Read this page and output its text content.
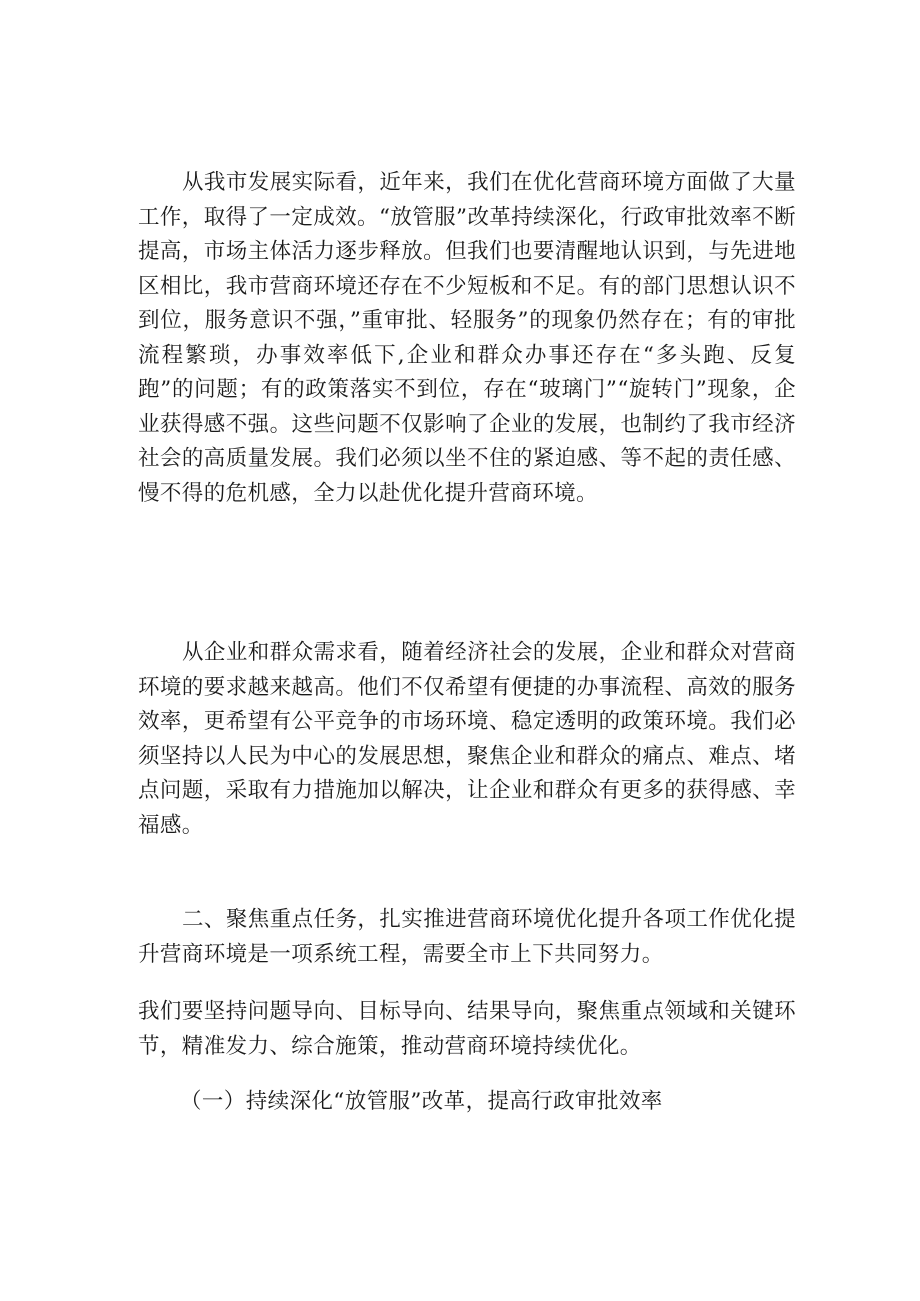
从我市发展实际看，近年来，我们在优化营商环境方面做了大量工作，取得了一定成效。“放管服”改革持续深化，行政审批效率不断提高，市场主体活力逐步释放。但我们也要清醒地认识到，与先进地区相比，我市营商环境还存在不少短板和不足。有的部门思想认识不到位，服务意识不强，”重审批、轻服务”的现象仍然存在；有的审批流程繁琐，办事效率低下,企业和群众办事还存在“多头跑、反复跑”的问题；有的政策落实不到位，存在“玻璃门”“旋转门”现象，企业获得感不强。这些问题不仅影响了企业的发展，也制约了我市经济社会的高质量发展。我们必须以坐不住的紧迫感、等不起的责任感、慢不得的危机感，全力以赴优化提升营商环境。

从企业和群众需求看，随着经济社会的发展，企业和群众对营商环境的要求越来越高。他们不仅希望有便捷的办事流程、高效的服务效率，更希望有公平竞争的市场环境、稳定透明的政策环境。我们必须坚持以人民为中心的发展思想，聚焦企业和群众的痛点、难点、堵点问题，采取有力措施加以解决，让企业和群众有更多的获得感、幸福感。

二、聚焦重点任务，扎实推进营商环境优化提升各项工作优化提升营商环境是一项系统工程，需要全市上下共同努力。

我们要坚持问题导向、目标导向、结果导向，聚焦重点领域和关键环节，精准发力、综合施策，推动营商环境持续优化。

（一）持续深化“放管服”改革，提高行政审批效率
